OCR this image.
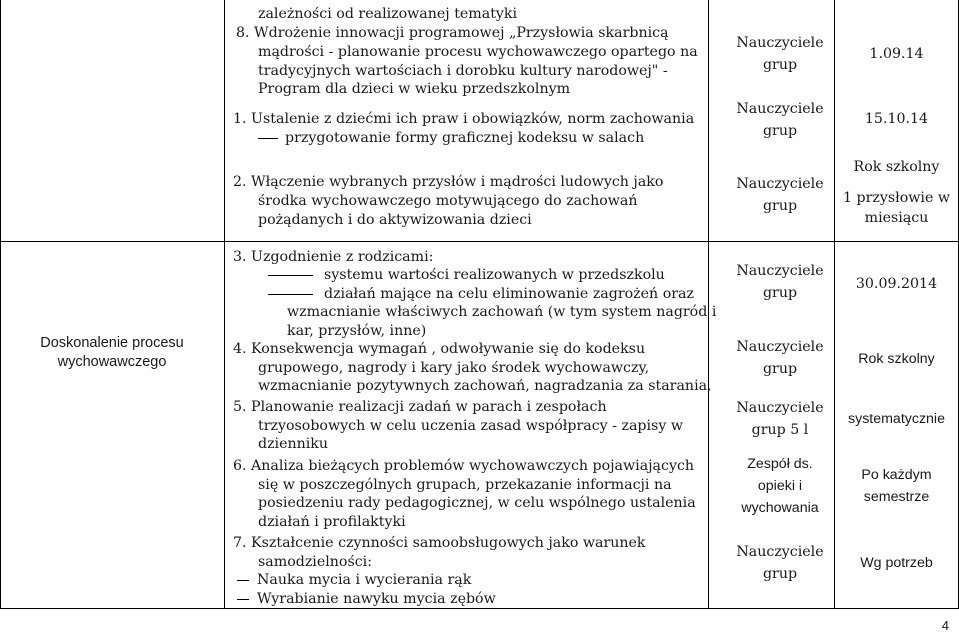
Doskonalenie procesu wychowawczego
zależności od realizowanej tematyki
8. Wdrożenie innowacji programowej „Przysłowia skarbnicą
mądrości - planowanie procesu wychowawczego opartego na
tradycyjnych wartościach i dorobku kultury narodowej" -
Program dla dzieci w wieku przedszkolnym
Nauczyciele
grup
1.09.14
1. Ustalenie z dziećmi ich praw i obowiązków, norm zachowania
przygotowanie formy graficznej kodeksu w salach
Nauczyciele
grup
15.10.14
2. Włączenie wybranych przysłów i mądrości ludowych jako
środka wychowawczego motywującego do zachowań
pożądanych i do aktywizowania dzieci
Nauczyciele
grup
Rok szkolny
1 przysłowie w
miesiącu
3. Uzgodnienie z rodzicami:
systemu wartości realizowanych w przedszkolu
działań mające na celu eliminowanie zagrożeń oraz
wzmacnianie właściwych zachowań (w tym system nagród i
kar, przysłów, inne)
Nauczyciele
grup
30.09.2014
4. Konsekwencja wymagań , odwoływanie się do kodeksu
grupowego, nagrody i kary jako środek wychowawczy,
wzmacnianie pozytywnych zachowań, nagradzania za starania,
Nauczyciele
grup
Rok szkolny
5. Planowanie realizacji zadań w parach i zespołach
trzyosobowych w celu uczenia zasad współpracy - zapisy w
dzienniku
Nauczyciele
grup 5 l
systematycznie
6. Analiza bieżących problemów wychowawczych pojawiających
się w poszczególnych grupach, przekazanie informacji na
posiedzeniu rady pedagogicznej, w celu wspólnego ustalenia
działań i profilaktyki
Zespół ds.
opieki i
wychowania
Po każdym
semestrze
7. Kształcenie czynności samoobsługowych jako warunek
samodzielności:
Nauka mycia i wycierania rąk
Wyrabianie nawyku mycia zębów
Nauczyciele
grup
Wg potrzeb
4
